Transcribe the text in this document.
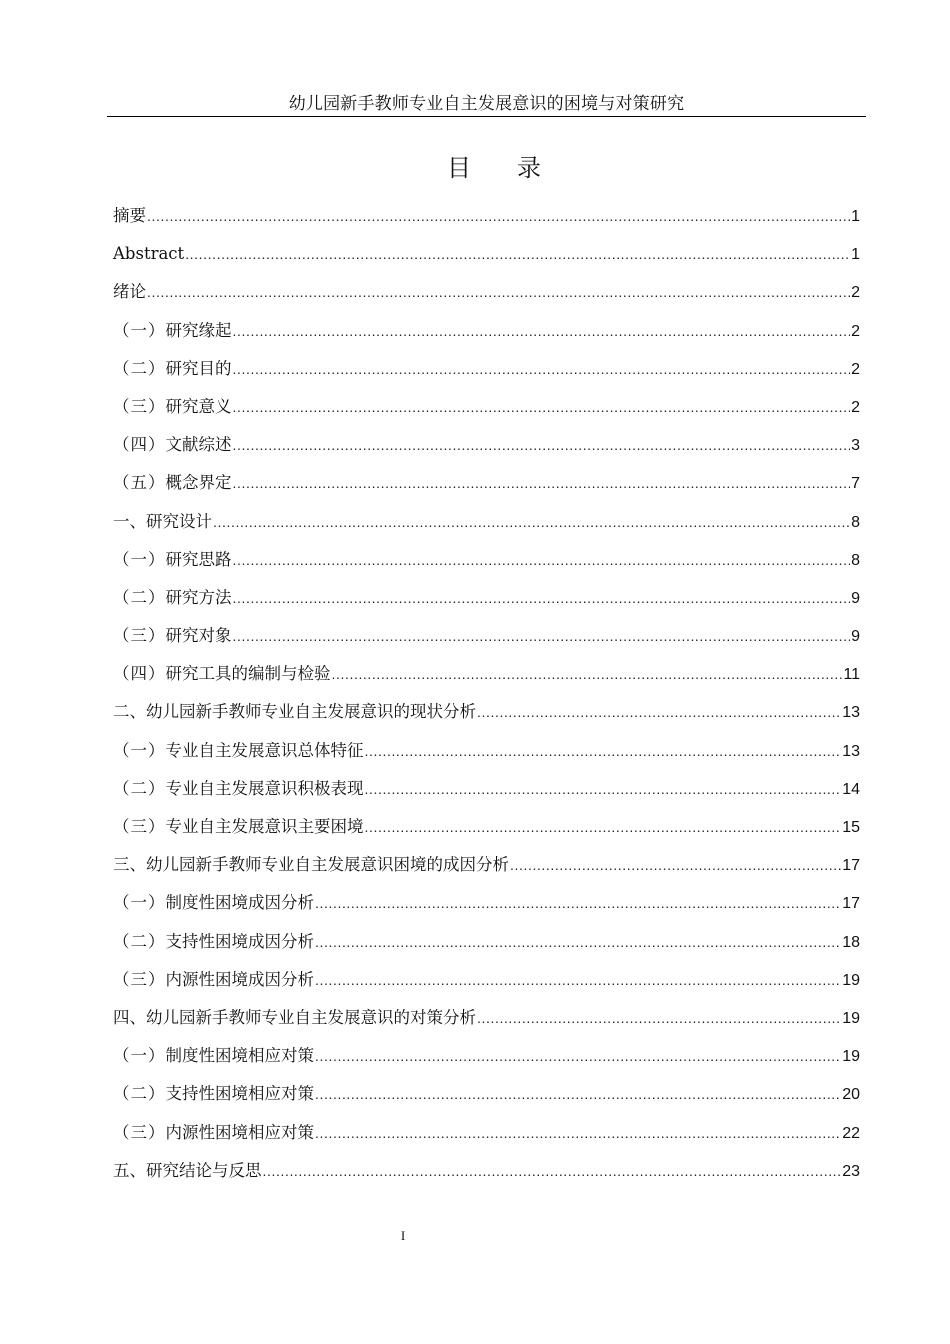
幼儿园新手教师专业自主发展意识的困境与对策研究
目 录
摘要 .....	1
Abstract .....	1
绪论 .....	2
（一） 研究缘起 .....	2
（二） 研究目的 .....	2
（三） 研究意义 .....	2
（四） 文献综述 .....	3
（五） 概念界定 .....	7
一、 研究设计 .....	8
（一） 研究思路 .....	8
（二） 研究方法 .....	9
（三） 研究对象 .....	9
（四） 研究工具的编制与检验 .....	11
二、 幼儿园新手教师专业自主发展意识的现状分析 .....	13
（一） 专业自主发展意识总体特征 .....	13
（二） 专业自主发展意识积极表现 .....	14
（三） 专业自主发展意识主要困境 .....	15
三、 幼儿园新手教师专业自主发展意识困境的成因分析 .....	17
（一） 制度性困境成因分析 .....	17
（二） 支持性困境成因分析 .....	18
（三） 内源性困境成因分析 .....	19
四、 幼儿园新手教师专业自主发展意识的对策分析 .....	19
（一） 制度性困境相应对策 .....	19
（二） 支持性困境相应对策 .....	20
（三） 内源性困境相应对策 .....	22
五、 研究结论与反思 .....	23
I
